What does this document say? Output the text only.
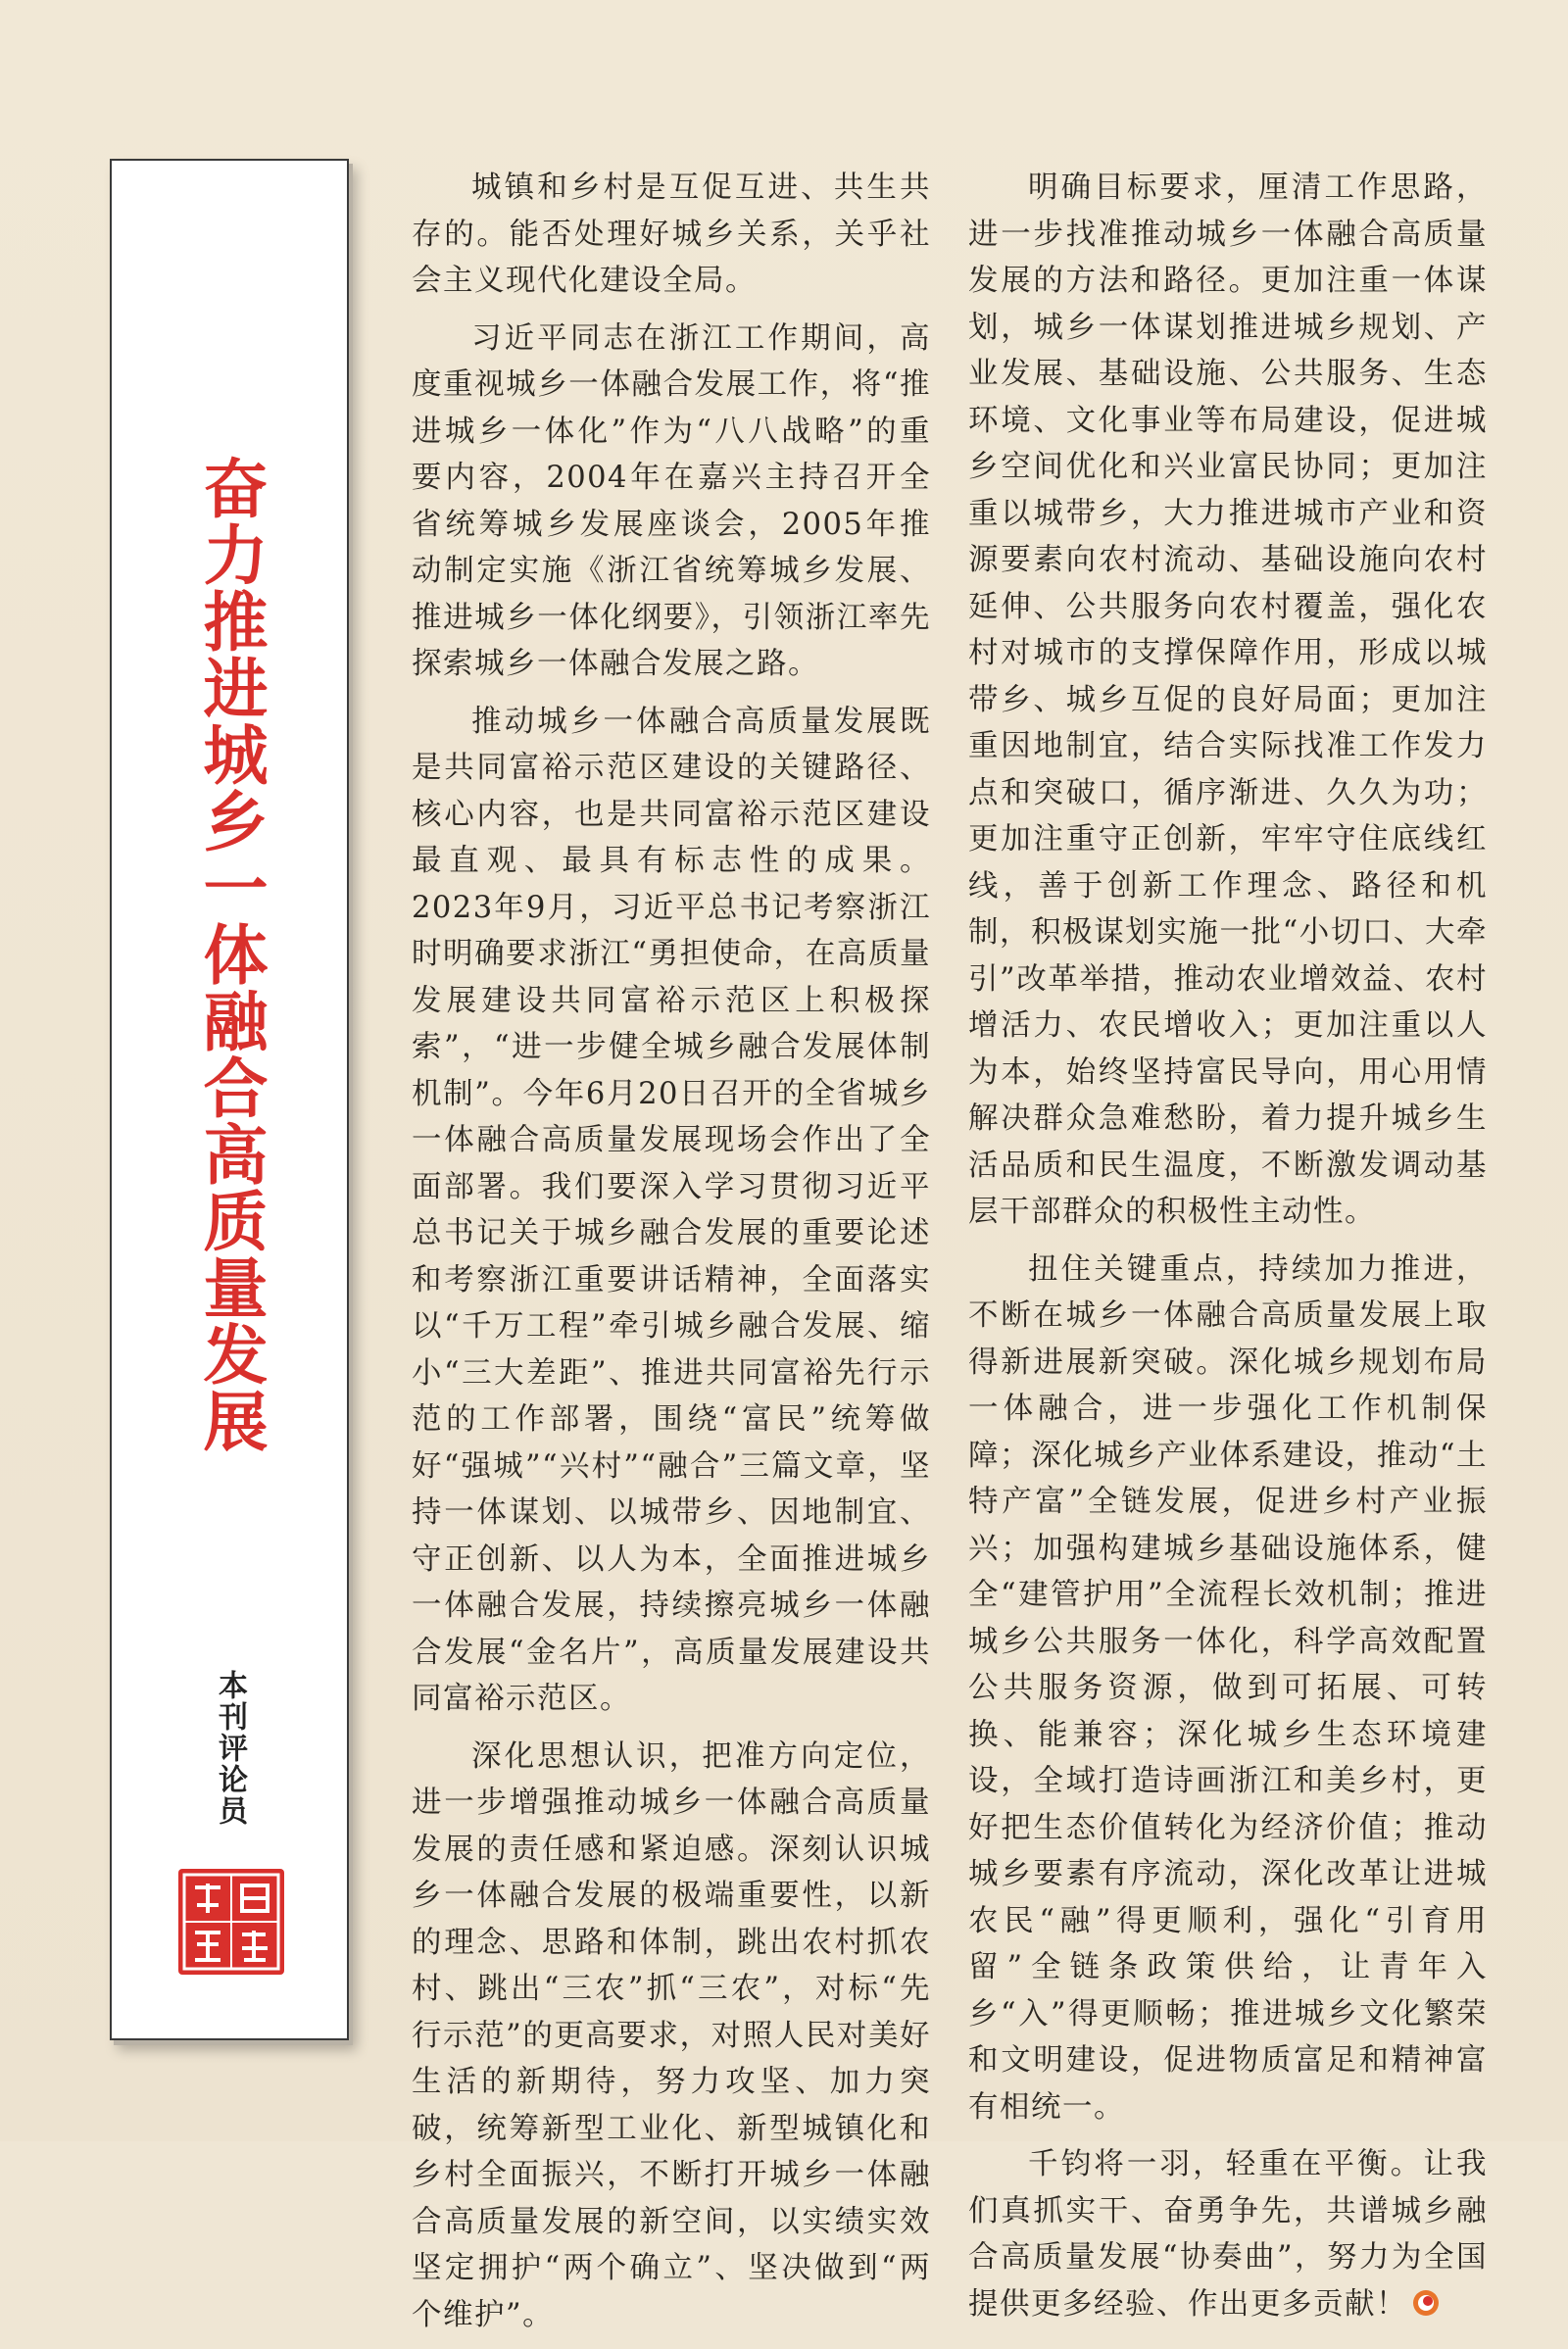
奋力推进城乡一体融合高质量发展
本刊评论员

城镇和乡村是互促互进、共生共存的。能否处理好城乡关系，关乎社会主义现代化建设全局。

习近平同志在浙江工作期间，高度重视城乡一体融合发展工作，将“推进城乡一体化”作为“八八战略”的重要内容，2004年在嘉兴主持召开全省统筹城乡发展座谈会，2005年推动制定实施《浙江省统筹城乡发展、推进城乡一体化纲要》，引领浙江率先探索城乡一体融合发展之路。

推动城乡一体融合高质量发展既是共同富裕示范区建设的关键路径、核心内容，也是共同富裕示范区建设最直观、最具有标志性的成果。2023年9月，习近平总书记考察浙江时明确要求浙江“勇担使命，在高质量发展建设共同富裕示范区上积极探索”，“进一步健全城乡融合发展体制机制”。今年6月20日召开的全省城乡一体融合高质量发展现场会作出了全面部署。我们要深入学习贯彻习近平总书记关于城乡融合发展的重要论述和考察浙江重要讲话精神，全面落实以“千万工程”牵引城乡融合发展、缩小“三大差距”、推进共同富裕先行示范的工作部署，围绕“富民”统筹做好“强城”“兴村”“融合”三篇文章，坚持一体谋划、以城带乡、因地制宜、守正创新、以人为本，全面推进城乡一体融合发展，持续擦亮城乡一体融合发展“金名片”，高质量发展建设共同富裕示范区。

深化思想认识，把准方向定位，进一步增强推动城乡一体融合高质量发展的责任感和紧迫感。深刻认识城乡一体融合发展的极端重要性，以新的理念、思路和体制，跳出农村抓农村、跳出“三农”抓“三农”，对标“先行示范”的更高要求，对照人民对美好生活的新期待，努力攻坚、加力突破，统筹新型工业化、新型城镇化和乡村全面振兴，不断打开城乡一体融合高质量发展的新空间，以实绩实效坚定拥护“两个确立”、坚决做到“两个维护”。

明确目标要求，厘清工作思路，进一步找准推动城乡一体融合高质量发展的方法和路径。更加注重一体谋划，城乡一体谋划推进城乡规划、产业发展、基础设施、公共服务、生态环境、文化事业等布局建设，促进城乡空间优化和兴业富民协同；更加注重以城带乡，大力推进城市产业和资源要素向农村流动、基础设施向农村延伸、公共服务向农村覆盖，强化农村对城市的支撑保障作用，形成以城带乡、城乡互促的良好局面；更加注重因地制宜，结合实际找准工作发力点和突破口，循序渐进、久久为功；更加注重守正创新，牢牢守住底线红线，善于创新工作理念、路径和机制，积极谋划实施一批“小切口、大牵引”改革举措，推动农业增效益、农村增活力、农民增收入；更加注重以人为本，始终坚持富民导向，用心用情解决群众急难愁盼，着力提升城乡生活品质和民生温度，不断激发调动基层干部群众的积极性主动性。

扭住关键重点，持续加力推进，不断在城乡一体融合高质量发展上取得新进展新突破。深化城乡规划布局一体融合，进一步强化工作机制保障；深化城乡产业体系建设，推动“土特产富”全链发展，促进乡村产业振兴；加强构建城乡基础设施体系，健全“建管护用”全流程长效机制；推进城乡公共服务一体化，科学高效配置公共服务资源，做到可拓展、可转换、能兼容；深化城乡生态环境建设，全域打造诗画浙江和美乡村，更好把生态价值转化为经济价值；推动城乡要素有序流动，深化改革让进城农民“融”得更顺利，强化“引育用留”全链条政策供给，让青年入乡“入”得更顺畅；推进城乡文化繁荣和文明建设，促进物质富足和精神富有相统一。

千钧将一羽，轻重在平衡。让我们真抓实干、奋勇争先，共谱城乡融合高质量发展“协奏曲”，努力为全国提供更多经验、作出更多贡献！
